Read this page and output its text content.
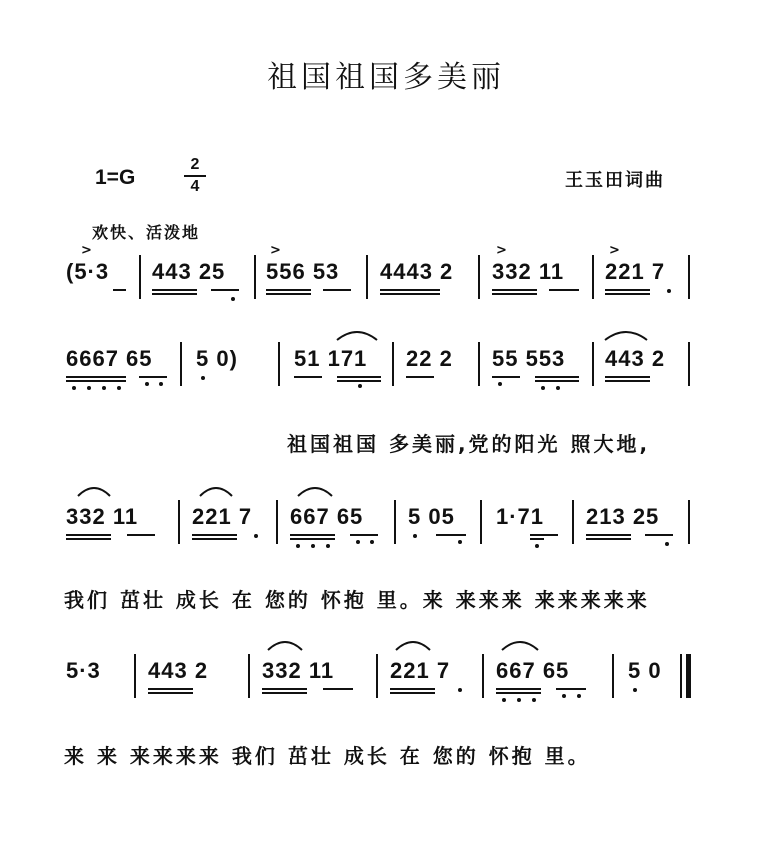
祖国祖国多美丽
1=G
2
4	王玉田词曲
欢快、活泼地
(5·3
>
443 25 556 53
>
4443 2 332 11
>
221 7
>
6667 65 5 0)	51 171 22 2 55 553 443 2
祖国祖国 多美丽,党的阳光 照大地,
332 11 221 7 667 65 5 05 1·71 213 25
我们 茁壮 成长 在 您的 怀抱 里。来 来来来 来来来来来
5·3 443 2 332 11	221 7 667 65	5 0
来 来 来来来来 我们 茁壮 成长 在 您的 怀抱 里。
